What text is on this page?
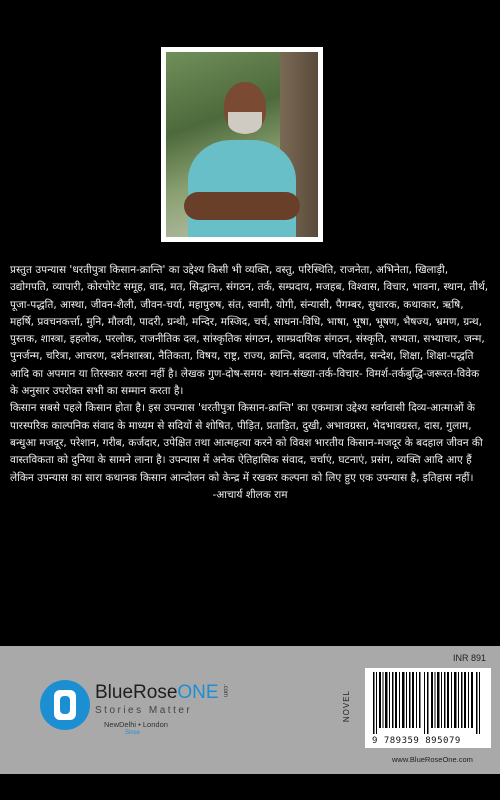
प्रस्तुत उपन्यास 'धरतीपुत्रा किसान-क्रान्ति' का उद्देश्य किसी भी व्यक्ति, वस्तु, परिस्थिति, राजनेता, अभिनेता, खिलाड़ी, उद्योगपति, व्यापारी, कोरपोरेट समूह, वाद, मत, सिद्धान्त, संगठन, तर्क, सम्प्रदाय, मजहब, विश्वास, विचार, भावना, स्थान, तीर्थ, पूजा-पद्धति, आस्था, जीवन-शैली, जीवन-चर्या, महापुरुष, संत, स्वामी, योगी, संन्यासी, पैगम्बर, सुधारक, कथाकार, ऋषि, महर्षि, प्रवचनकर्त्ता, मुनि, मौलवी, पादरी, ग्रन्थी, मन्दिर, मस्जिद, चर्च, साधना-विधि, भाषा, भूषा, भूषण, भैषज्य, भ्रमण, ग्रन्थ, पुस्तक, शास्त्रा, इहलोक, परलोक, राजनीतिक दल, सांस्कृतिक संगठन, साम्प्रदायिक संगठन, संस्कृति, सभ्यता, सभ्याचार, जन्म, पुनर्जन्म, चरित्रा, आचरण, दर्शनशास्त्रा, नैतिकता, विषय, राष्ट्र, राज्य, क्रान्ति, बदलाव, परिवर्तन, सन्देश, शिक्षा, शिक्षा-पद्धति आदि का अपमान या तिरस्कार करना नहीं है। लेखक गुण-दोष-समय- स्थान-संख्या-तर्क-विचार- विमर्श-तर्कबुद्धि-जरूरत-विवेक के अनुसार उपरोक्त सभी का सम्मान करता है।

किसान सबसे पहले किसान होता है। इस उपन्यास 'धरतीपुत्रा किसान-क्रान्ति' का एकमात्रा उद्देश्य स्वर्गवासी दिव्य-आत्माओं के पारस्परिक काल्पनिक संवाद के माध्यम से सदियों से शोषित, पीड़ित, प्रताड़ित, दुखी, अभावग्रस्त, भेदभावग्रस्त, दास, गुलाम, बन्धुआ मजदूर, परेशान, गरीब, कर्जदार, उपेक्षित तथा आत्महत्या करने को विवश भारतीय किसान-मजदूर के बदहाल जीवन की वास्तविकता को दुनिया के सामने लाना है। उपन्यास में अनेक ऐतिहासिक संवाद, चर्चाएं, घटनाएं, प्रसंग, व्यक्ति आदि आए हैं लेकिन उपन्यास का सारा कथानक किसान आन्दोलन को केन्द्र में रखकर कल्पना को लिए हुए एक उपन्यास है, इतिहास नहीं।

-आचार्य शीलक राम

BlueRoseONE .com
Stories Matter
NewDelhi • London
Since
NOVEL
INR 891
9 789359 895079
www.BlueRoseOne.com
